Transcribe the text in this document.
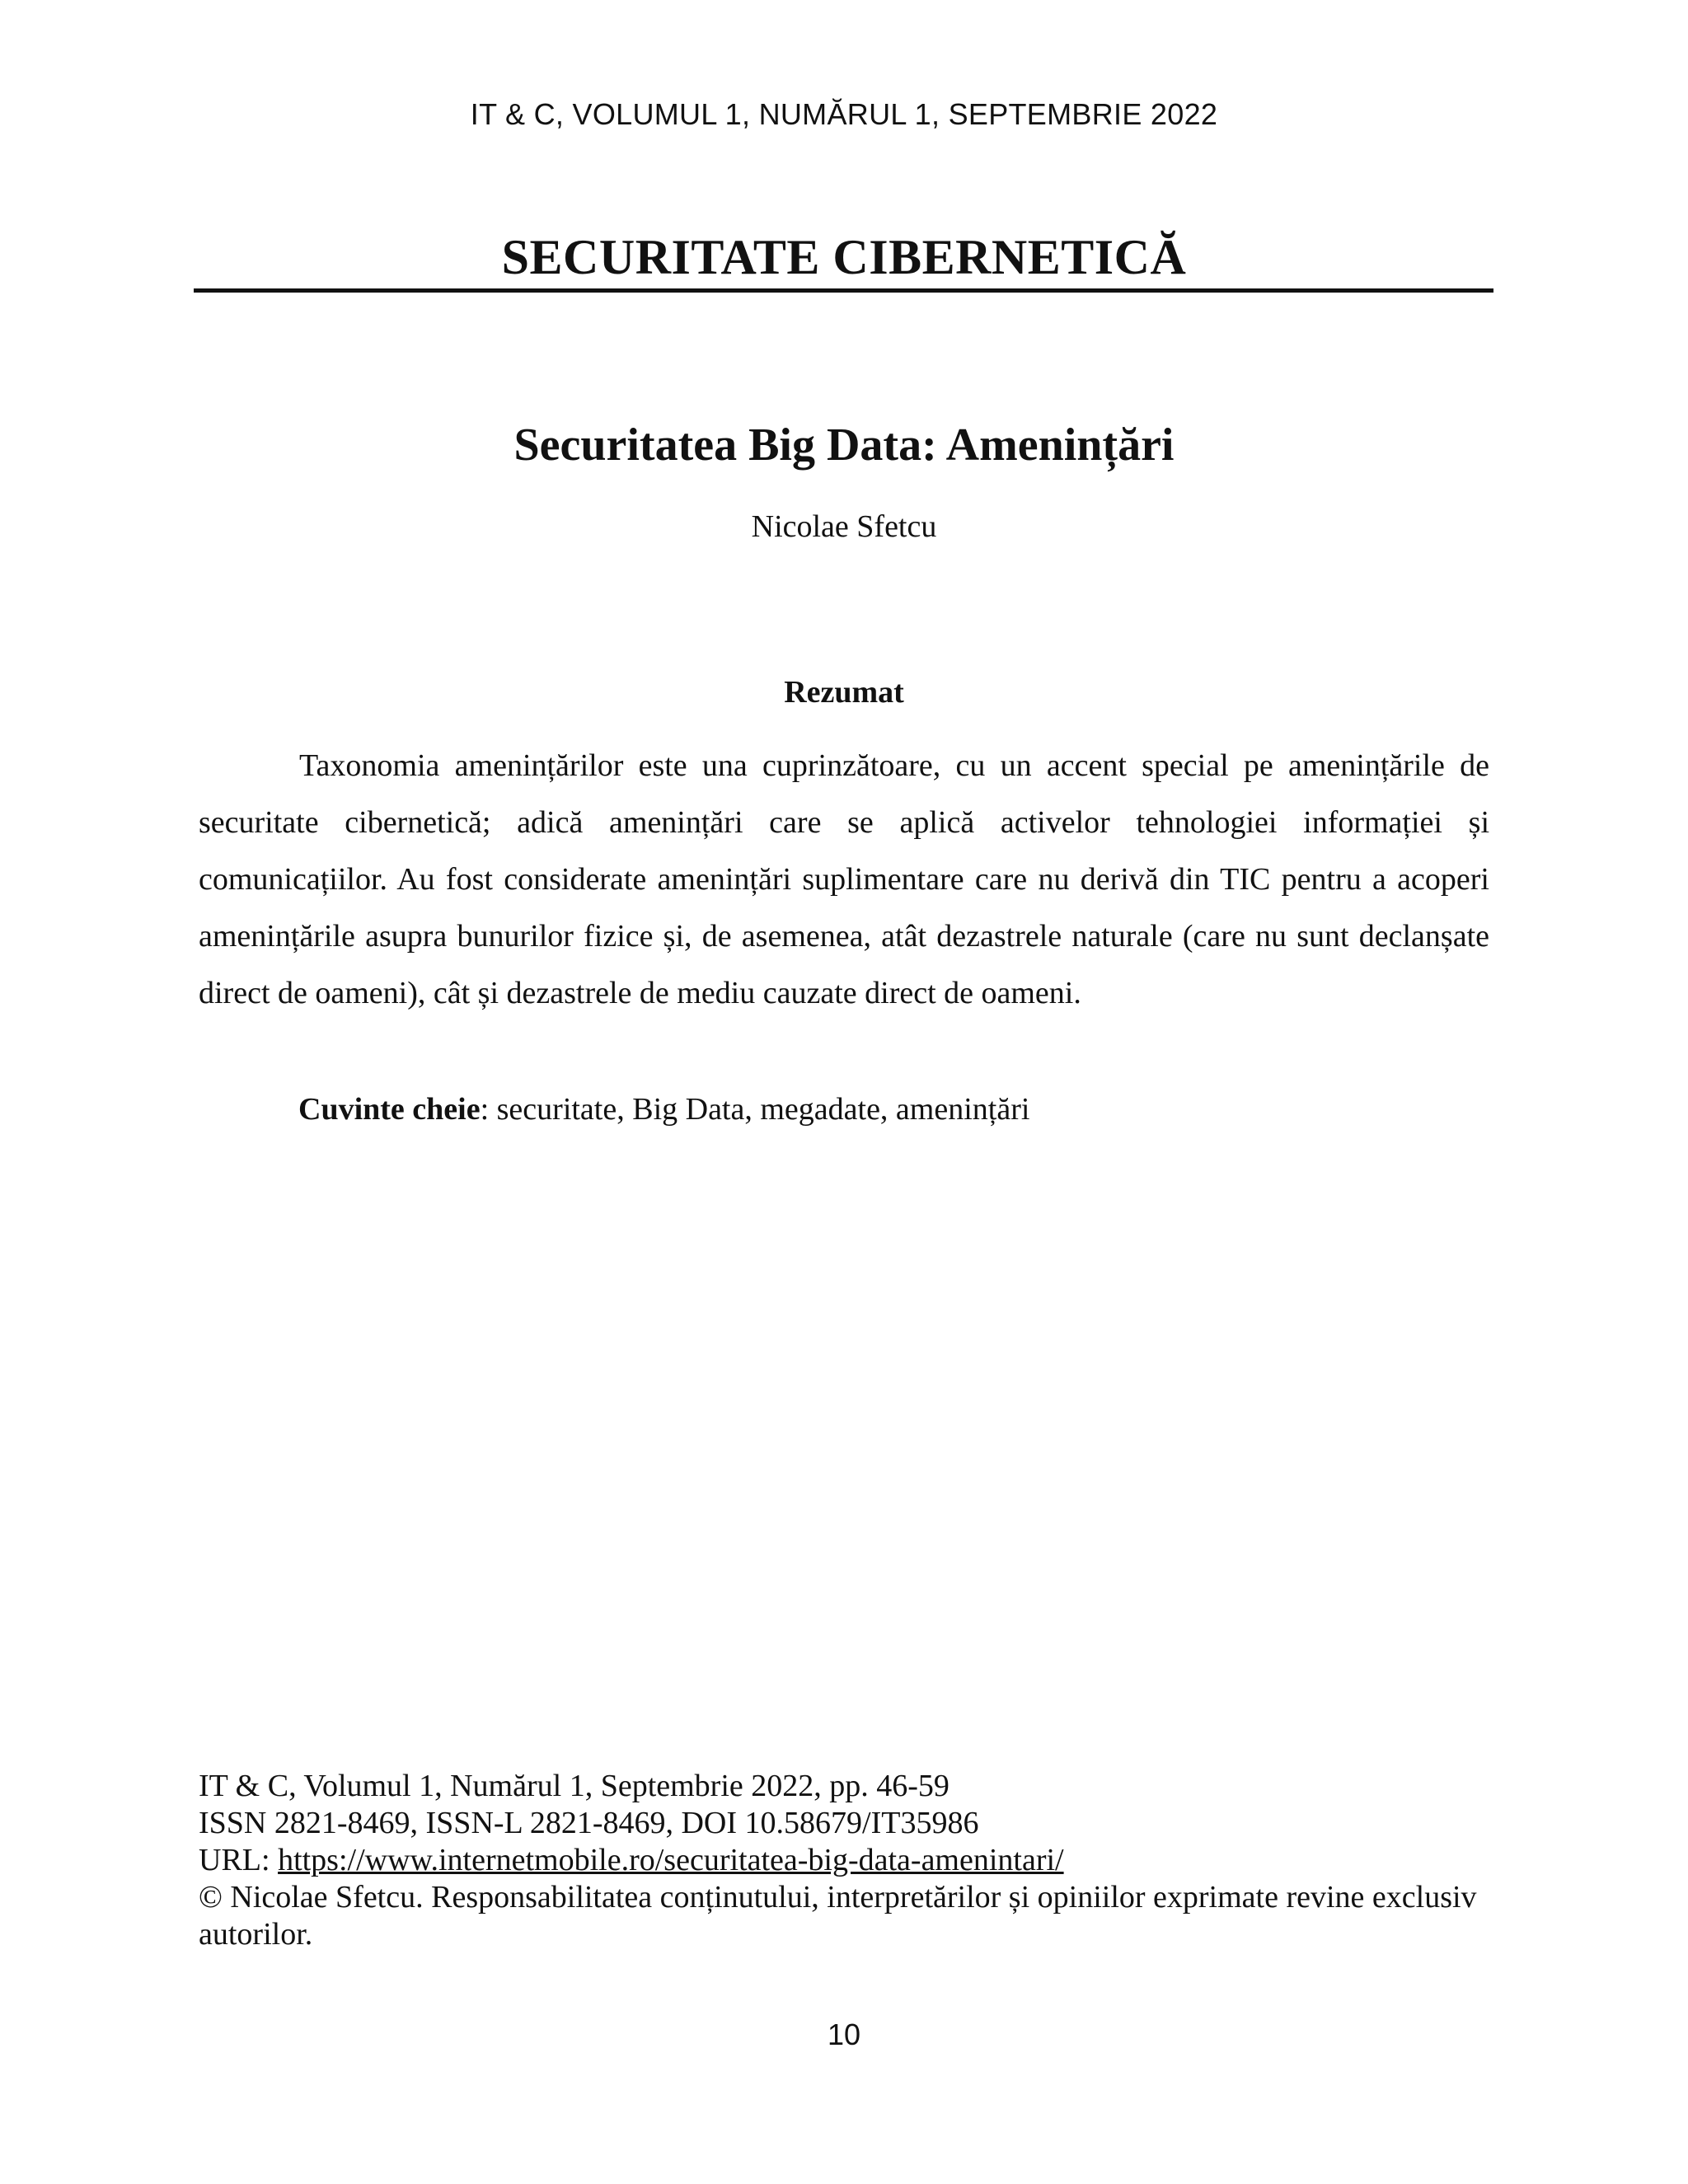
IT & C, VOLUMUL 1, NUMĂRUL 1, SEPTEMBRIE 2022
SECURITATE CIBERNETICĂ
Securitatea Big Data: Amenințări
Nicolae Sfetcu
Rezumat

Taxonomia amenințărilor este una cuprinzătoare, cu un accent special pe amenințările de securitate cibernetică; adică amenințări care se aplică activelor tehnologiei informației și comunicațiilor. Au fost considerate amenințări suplimentare care nu derivă din TIC pentru a acoperi amenințările asupra bunurilor fizice și, de asemenea, atât dezastrele naturale (care nu sunt declanșate direct de oameni), cât și dezastrele de mediu cauzate direct de oameni.

Cuvinte cheie: securitate, Big Data, megadate, amenințări
IT & C, Volumul 1, Numărul 1, Septembrie 2022, pp. 46-59
ISSN 2821-8469, ISSN-L 2821-8469, DOI 10.58679/IT35986
URL: https://www.internetmobile.ro/securitatea-big-data-amenintari/
© Nicolae Sfetcu. Responsabilitatea conținutului, interpretărilor și opiniilor exprimate revine exclusiv autorilor.
10
